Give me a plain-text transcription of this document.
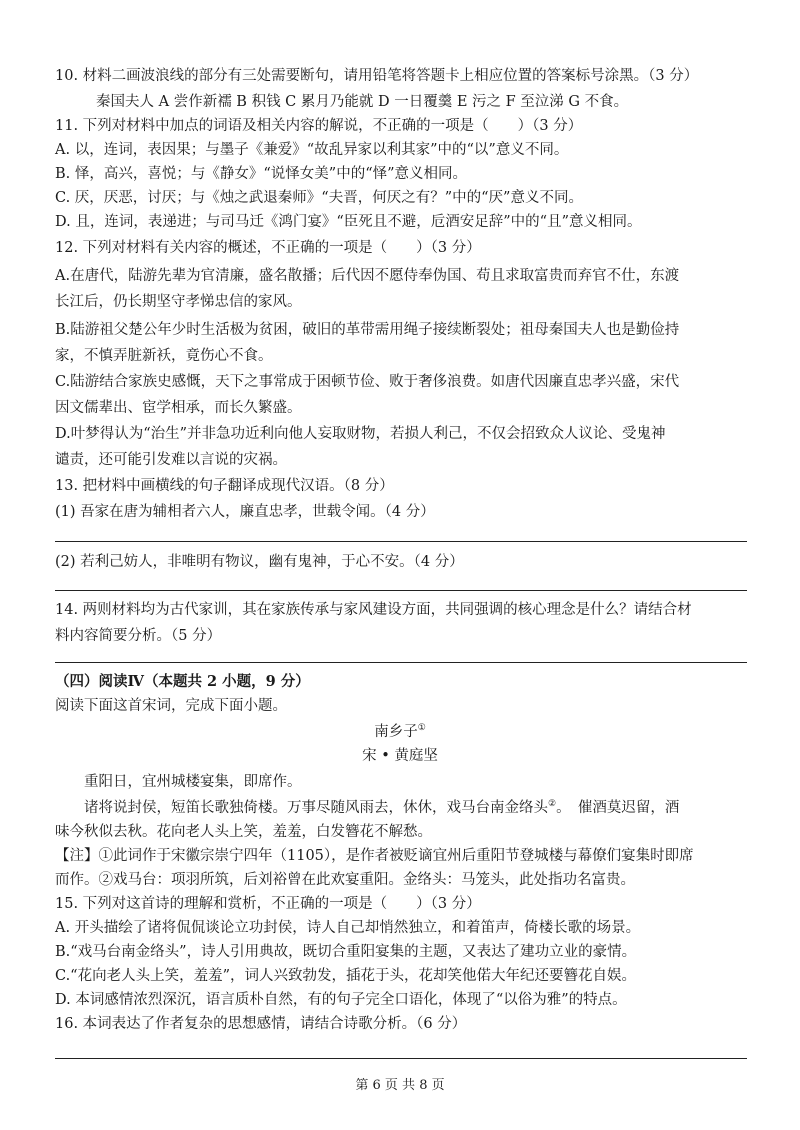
10. 材料二画波浪线的部分有三处需要断句，请用铅笔将答题卡上相应位置的答案标号涂黑。（3 分）
秦国夫人 A 尝作新襦 B 积钱 C 累月乃能就 D 一日覆羹 E 污之 F 至泣涕 G 不食。
11. 下列对材料中加点的词语及相关内容的解说，不正确的一项是（　　）（3 分）
A. 以，连词，表因果；与墨子《兼爱》“故乱异家以利其家”中的“以”意义不同。
B. 怿，高兴，喜悦；与《静女》“说怿女美”中的“怿”意义相同。
C. 厌，厌恶，讨厌；与《烛之武退秦师》“夫晋，何厌之有？”中的“厌”意义不同。
D. 且，连词，表递进；与司马迁《鸿门宴》“臣死且不避，卮酒安足辞”中的“且”意义相同。
12. 下列对材料有关内容的概述，不正确的一项是（　　）（3 分）
A.在唐代，陆游先辈为官清廉，盛名散播；后代因不愿侍奉伪国、苟且求取富贵而弃官不仕，东渡
长江后，仍长期坚守孝悌忠信的家风。
B.陆游祖父楚公年少时生活极为贫困，破旧的革带需用绳子接续断裂处；祖母秦国夫人也是勤俭持
家，不慎弄脏新袄，竟伤心不食。
C.陆游结合家族史感慨，天下之事常成于困顿节俭、败于奢侈浪费。如唐代因廉直忠孝兴盛，宋代
因文儒辈出、宦学相承，而长久繁盛。
D.叶梦得认为“治生”并非急功近利向他人妄取财物，若损人利己，不仅会招致众人议论、受鬼神
谴责，还可能引发难以言说的灾祸。
13. 把材料中画横线的句子翻译成现代汉语。（8 分）
(1) 吾家在唐为辅相者六人，廉直忠孝，世载令闻。（4 分）
(2) 若利己妨人，非唯明有物议，幽有鬼神，于心不安。（4 分）
14. 两则材料均为古代家训，其在家族传承与家风建设方面，共同强调的核心理念是什么？请结合材
料内容简要分析。（5 分）
（四）阅读Ⅳ（本题共 2 小题，9 分）
阅读下面这首宋词，完成下面小题。
南乡子①
宋 • 黄庭坚
重阳日，宜州城楼宴集，即席作。
诸将说封侯，短笛长歌独倚楼。万事尽随风雨去，休休，戏马台南金络头②。　催酒莫迟留，酒
味今秋似去秋。花向老人头上笑，羞羞，白发簪花不解愁。
【注】①此词作于宋徽宗崇宁四年（1105），是作者被贬谪宜州后重阳节登城楼与幕僚们宴集时即席
而作。②戏马台：项羽所筑，后刘裕曾在此欢宴重阳。金络头：马笼头，此处指功名富贵。
15. 下列对这首诗的理解和赏析，不正确的一项是（　　）（3 分）
A. 开头描绘了诸将侃侃谈论立功封侯，诗人自己却悄然独立，和着笛声，倚楼长歌的场景。
B.“戏马台南金络头”，诗人引用典故，既切合重阳宴集的主题，又表达了建功立业的豪情。
C.“花向老人头上笑，羞羞”，词人兴致勃发，插花于头，花却笑他偌大年纪还要簪花自娱。
D. 本词感情浓烈深沉，语言质朴自然，有的句子完全口语化，体现了“以俗为雅”的特点。
16. 本词表达了作者复杂的思想感情，请结合诗歌分析。（6 分）
第 6 页 共 8 页
